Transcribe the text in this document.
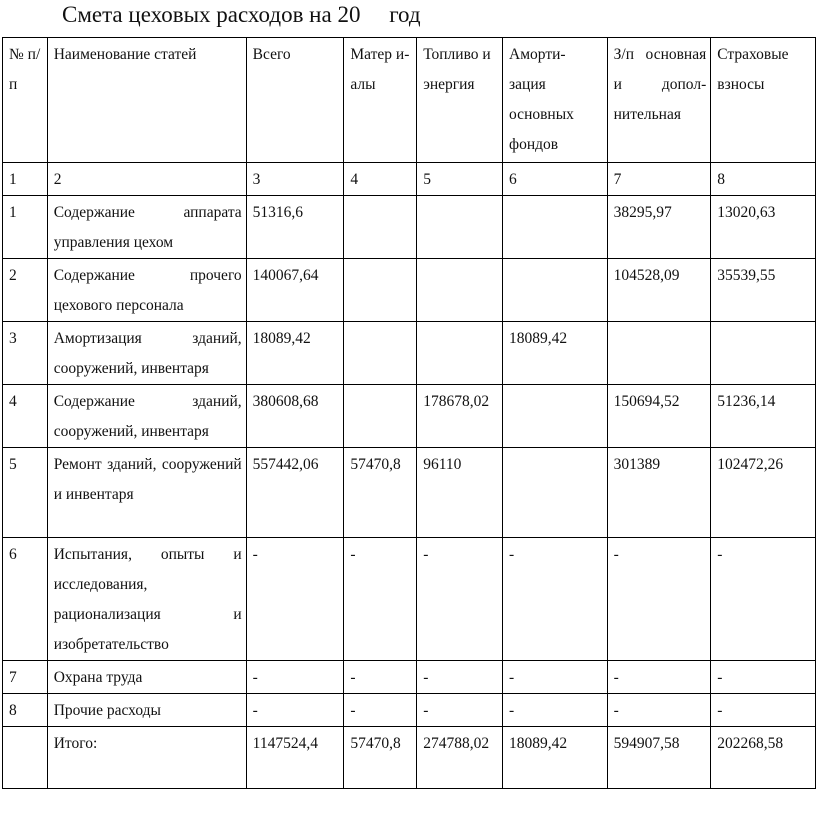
Смета цеховых расходов на 20     год
№ п/п	Наименование статей	Всего	Матер и-алы	Топливо и энергия	Аморти- зация основных фондов	З/п основная и допол- нительная	Страховые взносы
1	2	3	4	5	6	7	8
1	Содержание аппарата управления цехом	51316,6				38295,97	13020,63
2	Содержание прочего цехового персонала	140067,64				104528,09	35539,55
3	Амортизация зданий, сооружений, инвентаря	18089,42			18089,42		
4	Содержание зданий, сооружений, инвентаря	380608,68		178678,02		150694,52	51236,14
5	Ремонт зданий, сооружений и инвентаря	557442,06	57470,8	96110		301389	102472,26
6	Испытания, опыты и исследования, рационализация и изобретательство	-	-	-	-	-	-
7	Охрана труда	-	-	-	-	-	-
8	Прочие расходы	-	-	-	-	-	-
	Итого:	1147524,4	57470,8	274788,02	18089,42	594907,58	202268,58
